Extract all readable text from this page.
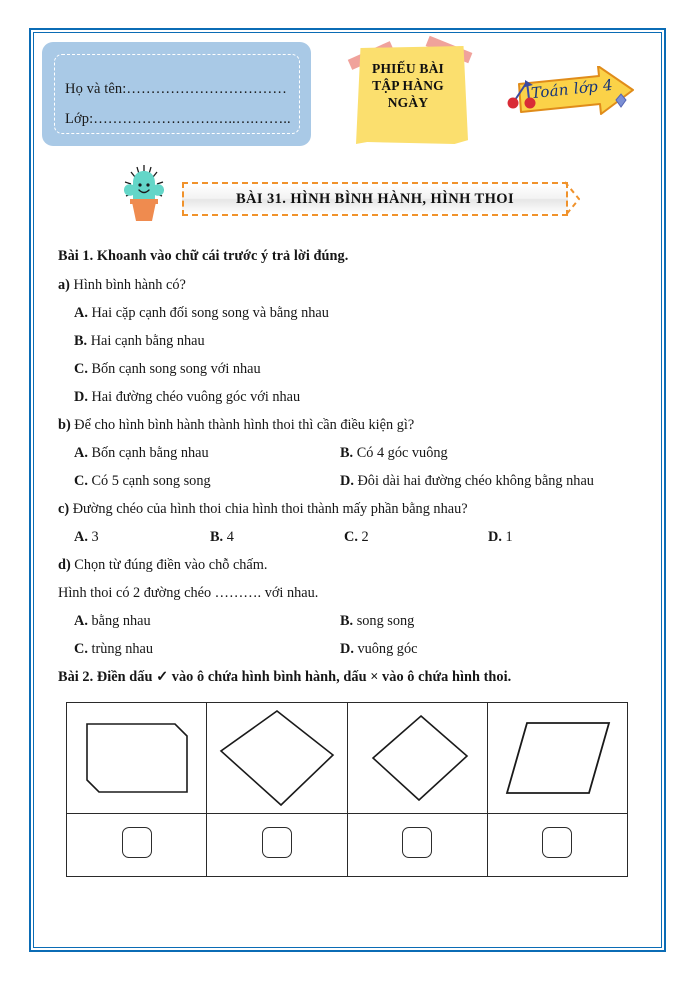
Họ và tên:……………………………
Lớp:…………………….…..….……..
PHIẾU BÀI
TẬP HÀNG
NGÀY
Toán lớp 4
BÀI 31. HÌNH BÌNH HÀNH, HÌNH THOI
Bài 1. Khoanh vào chữ cái trước ý trả lời đúng.
a) Hình bình hành có?
A. Hai cặp cạnh đối song song và bằng nhau
B. Hai cạnh bằng nhau
C. Bốn cạnh song song với nhau
D. Hai đường chéo vuông góc với nhau
b) Để cho hình bình hành thành hình thoi thì cần điều kiện gì?
A. Bốn cạnh bằng nhau	B. Có 4 góc vuông
C. Có 5 cạnh song song	D. Đôi dài hai đường chéo không bằng nhau
c) Đường chéo của hình thoi chia hình thoi thành mấy phần bằng nhau?
A. 3	B. 4	C. 2	D. 1
d) Chọn từ đúng điền vào chỗ chấm.
Hình thoi có 2 đường chéo ………. với nhau.
A. bằng nhau	B. song song
C. trùng nhau	D. vuông góc
Bài 2. Điền dấu ✓ vào ô chứa hình bình hành, dấu × vào ô chứa hình thoi.
